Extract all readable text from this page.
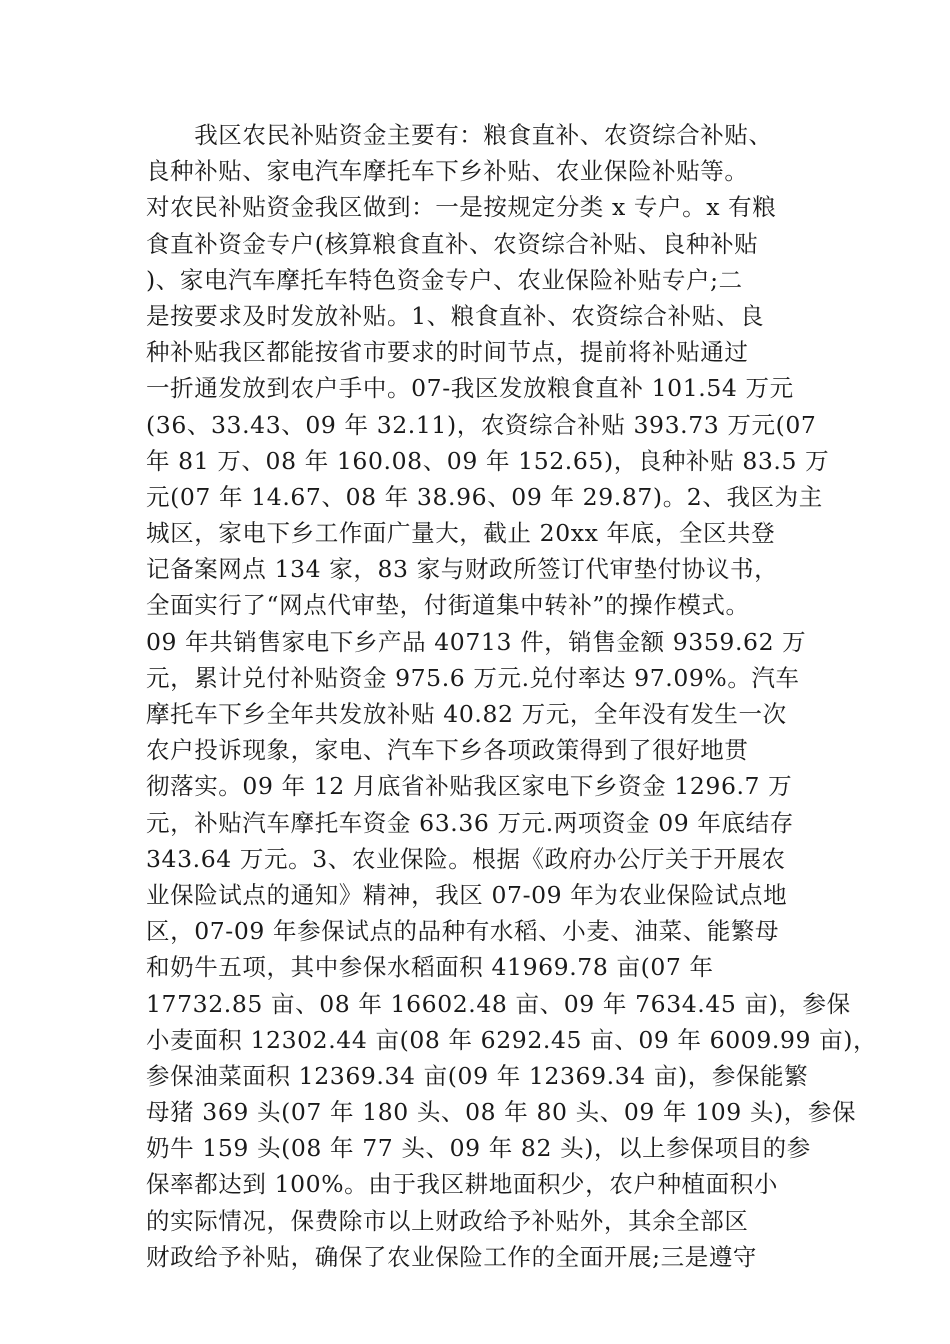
　　我区农民补贴资金主要有：粮食直补、农资综合补贴、
良种补贴、家电汽车摩托车下乡补贴、农业保险补贴等。
对农民补贴资金我区做到：一是按规定分类 x 专户。x 有粮
食直补资金专户(核算粮食直补、农资综合补贴、良种补贴
)、家电汽车摩托车特色资金专户、农业保险补贴专户;二
是按要求及时发放补贴。1、粮食直补、农资综合补贴、良
种补贴我区都能按省市要求的时间节点，提前将补贴通过
一折通发放到农户手中。07-我区发放粮食直补 101.54 万元
(36、33.43、09 年 32.11)，农资综合补贴 393.73 万元(07
年 81 万、08 年 160.08、09 年 152.65)，良种补贴 83.5 万
元(07 年 14.67、08 年 38.96、09 年 29.87)。2、我区为主
城区，家电下乡工作面广量大，截止 20xx 年底，全区共登
记备案网点 134 家，83 家与财政所签订代审垫付协议书，
全面实行了“网点代审垫，付街道集中转补”的操作模式。
09 年共销售家电下乡产品 40713 件，销售金额 9359.62 万
元，累计兑付补贴资金 975.6 万元.兑付率达 97.09%。汽车
摩托车下乡全年共发放补贴 40.82 万元，全年没有发生一次
农户投诉现象，家电、汽车下乡各项政策得到了很好地贯
彻落实。09 年 12 月底省补贴我区家电下乡资金 1296.7 万
元，补贴汽车摩托车资金 63.36 万元.两项资金 09 年底结存
343.64 万元。3、农业保险。根据《政府办公厅关于开展农
业保险试点的通知》精神，我区 07-09 年为农业保险试点地
区，07-09 年参保试点的品种有水稻、小麦、油菜、能繁母
和奶牛五项，其中参保水稻面积 41969.78 亩(07 年
17732.85 亩、08 年 16602.48 亩、09 年 7634.45 亩)，参保
小麦面积 12302.44 亩(08 年 6292.45 亩、09 年 6009.99 亩)，
参保油菜面积 12369.34 亩(09 年 12369.34 亩)，参保能繁
母猪 369 头(07 年 180 头、08 年 80 头、09 年 109 头)，参保
奶牛 159 头(08 年 77 头、09 年 82 头)，以上参保项目的参
保率都达到 100%。由于我区耕地面积少，农户种植面积小
的实际情况，保费除市以上财政给予补贴外，其余全部区
财政给予补贴，确保了农业保险工作的全面开展;三是遵守
